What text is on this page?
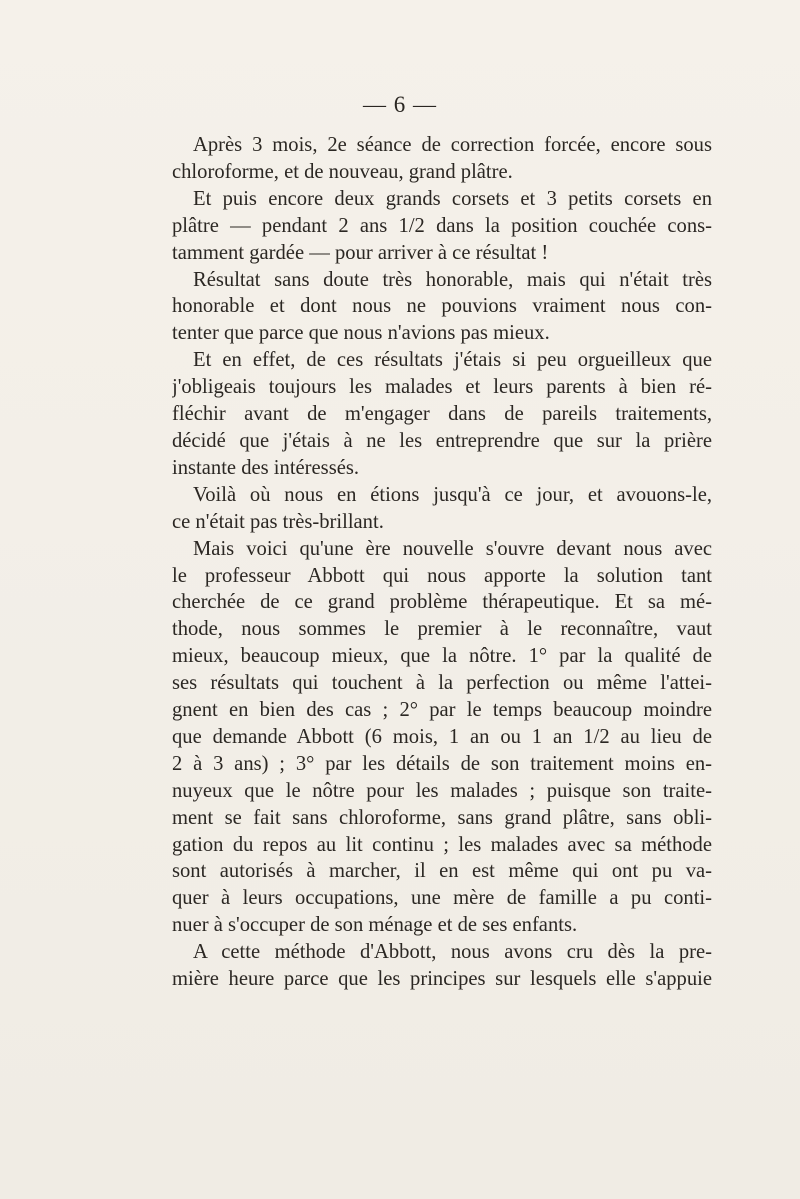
— 6 —
Après 3 mois, 2e séance de correction forcée, encore sous
chloroforme, et de nouveau, grand plâtre.
Et puis encore deux grands corsets et 3 petits corsets en
plâtre — pendant 2 ans 1/2 dans la position couchée cons-
tamment gardée — pour arriver à ce résultat !
Résultat sans doute très honorable, mais qui n'était très
honorable et dont nous ne pouvions vraiment nous con-
tenter que parce que nous n'avions pas mieux.
Et en effet, de ces résultats j'étais si peu orgueilleux que
j'obligeais toujours les malades et leurs parents à bien ré-
fléchir avant de m'engager dans de pareils traitements,
décidé que j'étais à ne les entreprendre que sur la prière
instante des intéressés.
Voilà où nous en étions jusqu'à ce jour, et avouons-le,
ce n'était pas très-brillant.
Mais voici qu'une ère nouvelle s'ouvre devant nous avec
le professeur Abbott qui nous apporte la solution tant
cherchée de ce grand problème thérapeutique. Et sa mé-
thode, nous sommes le premier à le reconnaître, vaut
mieux, beaucoup mieux, que la nôtre. 1° par la qualité de
ses résultats qui touchent à la perfection ou même l'attei-
gnent en bien des cas ; 2° par le temps beaucoup moindre
que demande Abbott (6 mois, 1 an ou 1 an 1/2 au lieu de
2 à 3 ans) ; 3° par les détails de son traitement moins en-
nuyeux que le nôtre pour les malades ; puisque son traite-
ment se fait sans chloroforme, sans grand plâtre, sans obli-
gation du repos au lit continu ; les malades avec sa méthode
sont autorisés à marcher, il en est même qui ont pu va-
quer à leurs occupations, une mère de famille a pu conti-
nuer à s'occuper de son ménage et de ses enfants.
A cette méthode d'Abbott, nous avons cru dès la pre-
mière heure parce que les principes sur lesquels elle s'appuie
